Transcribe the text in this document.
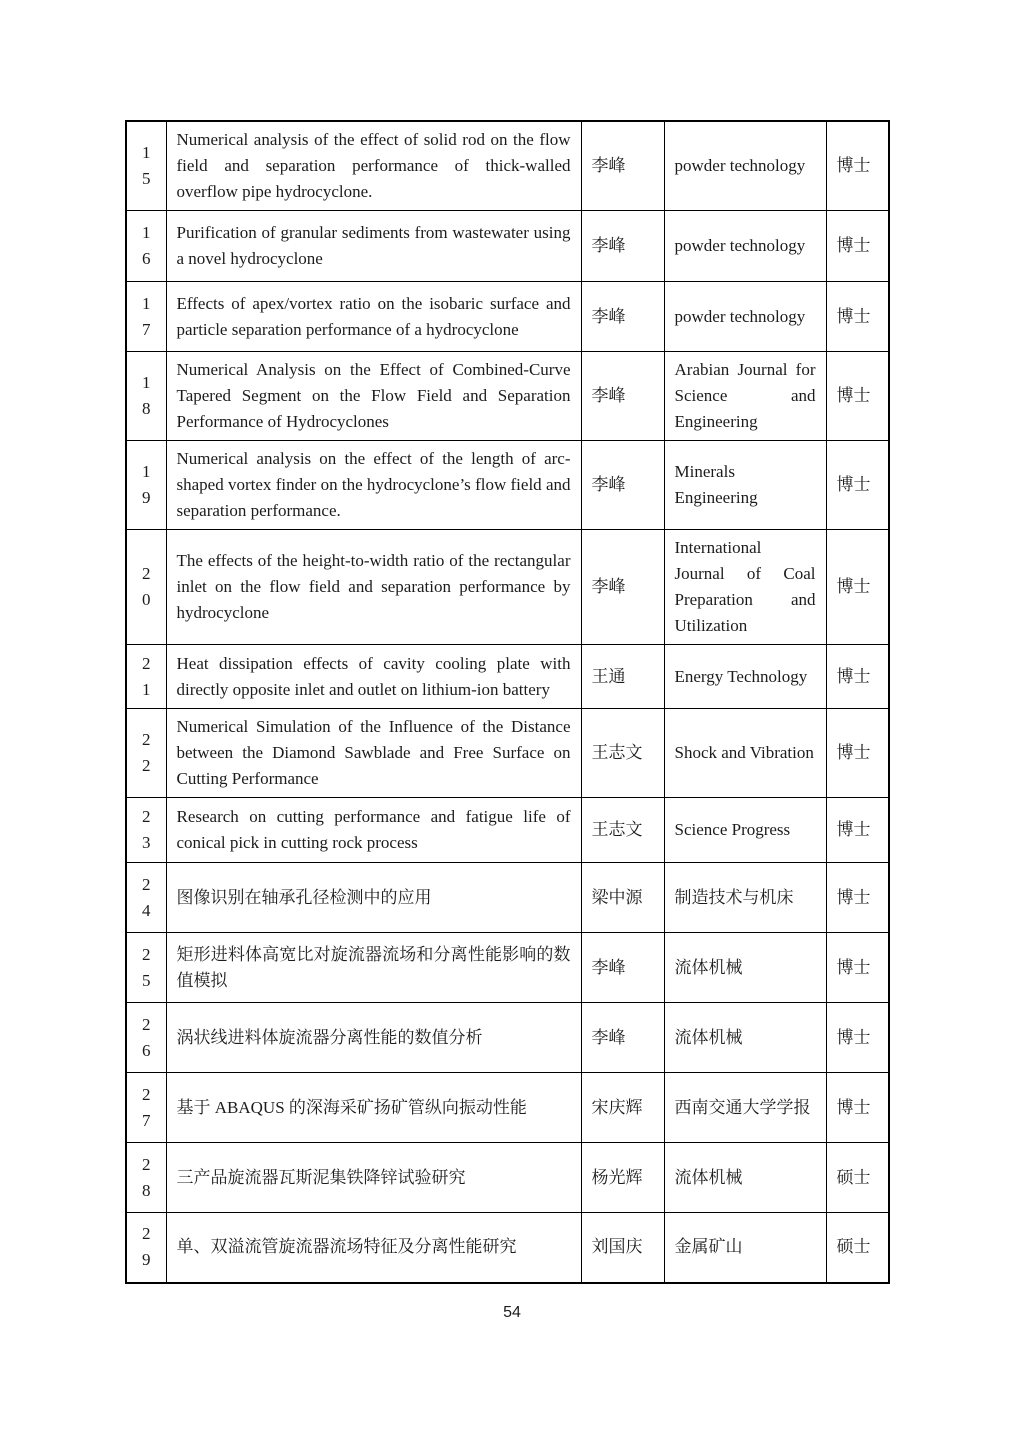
15	Numerical analysis of the effect of solid rod on the flow field and separation performance of thick-walled overflow pipe hydrocyclone.	李峰	powder technology	博士

16	Purification of granular sediments from wastewater using a novel hydrocyclone	李峰	powder technology	博士

17	Effects of apex/vortex ratio on the isobaric surface and particle separation performance of a hydrocyclone	李峰	powder technology	博士

18	Numerical Analysis on the Effect of Combined-Curve Tapered Segment on the Flow Field and Separation Performance of Hydrocyclones	李峰	Arabian Journal for Science and Engineering	博士

19	Numerical analysis on the effect of the length of arc-shaped vortex finder on the hydrocyclone’s flow field and separation performance.	李峰	Minerals Engineering	博士

20	The effects of the height-to-width ratio of the rectangular inlet on the flow field and separation performance by hydrocyclone	李峰	International Journal of Coal Preparation and Utilization	博士

21	Heat dissipation effects of cavity cooling plate with directly opposite inlet and outlet on lithium-ion battery	王通	Energy Technology	博士

22	Numerical Simulation of the Influence of the Distance between the Diamond Sawblade and Free Surface on Cutting Performance	王志文	Shock and Vibration	博士

23	Research on cutting performance and fatigue life of conical pick in cutting rock process	王志文	Science Progress	博士

24	图像识别在轴承孔径检测中的应用	梁中源	制造技术与机床	博士

25	矩形进料体高宽比对旋流器流场和分离性能影响的数值模拟	李峰	流体机械	博士

26	涡状线进料体旋流器分离性能的数值分析	李峰	流体机械	博士

27	基于 ABAQUS 的深海采矿扬矿管纵向振动性能	宋庆辉	西南交通大学学报	博士

28	三产品旋流器瓦斯泥集铁降锌试验研究	杨光辉	流体机械	硕士

29	单、双溢流管旋流器流场特征及分离性能研究	刘国庆	金属矿山	硕士
54
